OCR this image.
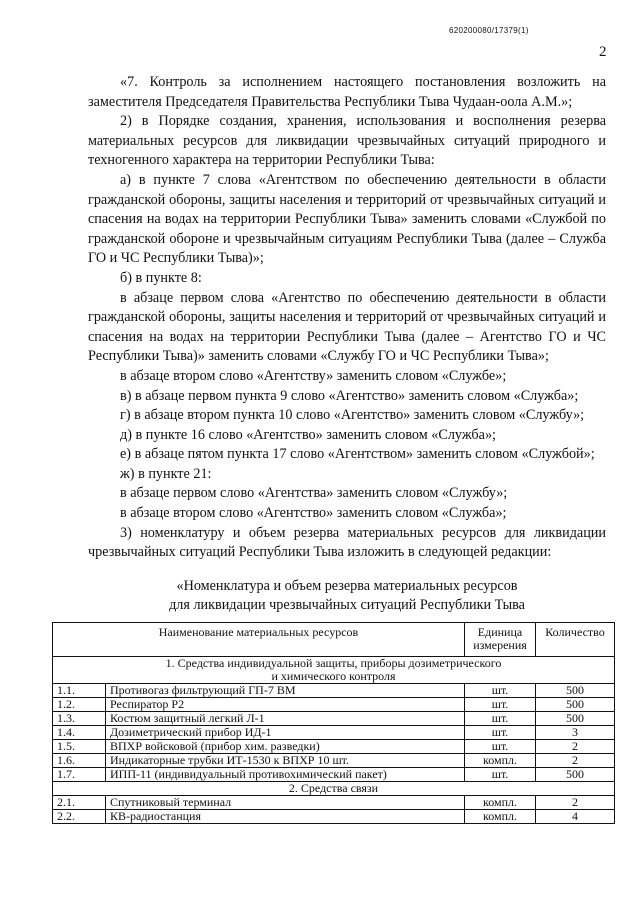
620200080/17379(1)
2

«7. Контроль за исполнением настоящего постановления возложить на заместителя Председателя Правительства Республики Тыва Чудаан-оола А.М.»;

2) в Порядке создания, хранения, использования и восполнения резерва материальных ресурсов для ликвидации чрезвычайных ситуаций природного и техногенного характера на территории Республики Тыва:

а) в пункте 7 слова «Агентством по обеспечению деятельности в области гражданской обороны, защиты населения и территорий от чрезвычайных ситуаций и спасения на водах на территории Республики Тыва» заменить словами «Службой по гражданской обороне и чрезвычайным ситуациям Республики Тыва (далее – Служба ГО и ЧС Республики Тыва)»;

б) в пункте 8:

в абзаце первом слова «Агентство по обеспечению деятельности в области гражданской обороны, защиты населения и территорий от чрезвычайных ситуаций и спасения на водах на территории Республики Тыва (далее – Агентство ГО и ЧС Республики Тыва)» заменить словами «Службу ГО и ЧС Республики Тыва»;

в абзаце втором слово «Агентству» заменить словом «Службе»;

в) в абзаце первом пункта 9 слово «Агентство» заменить словом «Служба»;

г) в абзаце втором пункта 10 слово «Агентство» заменить словом «Службу»;

д) в пункте 16 слово «Агентство» заменить словом «Служба»;

е) в абзаце пятом пункта 17 слово «Агентством» заменить словом «Службой»;

ж) в пункте 21:

в абзаце первом слово «Агентства» заменить словом «Службу»;

в абзаце втором слово «Агентство» заменить словом «Служба»;

3) номенклатуру и объем резерва материальных ресурсов для ликвидации чрезвычайных ситуаций Республики Тыва изложить в следующей редакции:

«Номенклатура и объем резерва материальных ресурсов

для ликвидации чрезвычайных ситуаций Республики Тыва

Наименование материальных ресурсов		Единица измерения	Количество

1. Средства индивидуальной защиты, приборы дозиметрического
и химического контроля			

1.1.	Противогаз фильтрующий ГП-7 ВМ	шт.	500
1.2.	Респиратор Р2	шт.	500
1.3.	Костюм защитный легкий Л-1	шт.	500
1.4.	Дозиметрический прибор ИД-1	шт.	3
1.5.	ВПХР войсковой (прибор хим. разведки)	шт.	2
1.6.	Индикаторные трубки ИТ-1530 к ВПХР 10 шт.	компл.	2
1.7.	ИПП-11 (индивидуальный противохимический пакет)	шт.	500
2. Средства связи			
2.1.	Спутниковый терминал	компл.	2
2.2.	КВ-радиостанция	компл.	4
